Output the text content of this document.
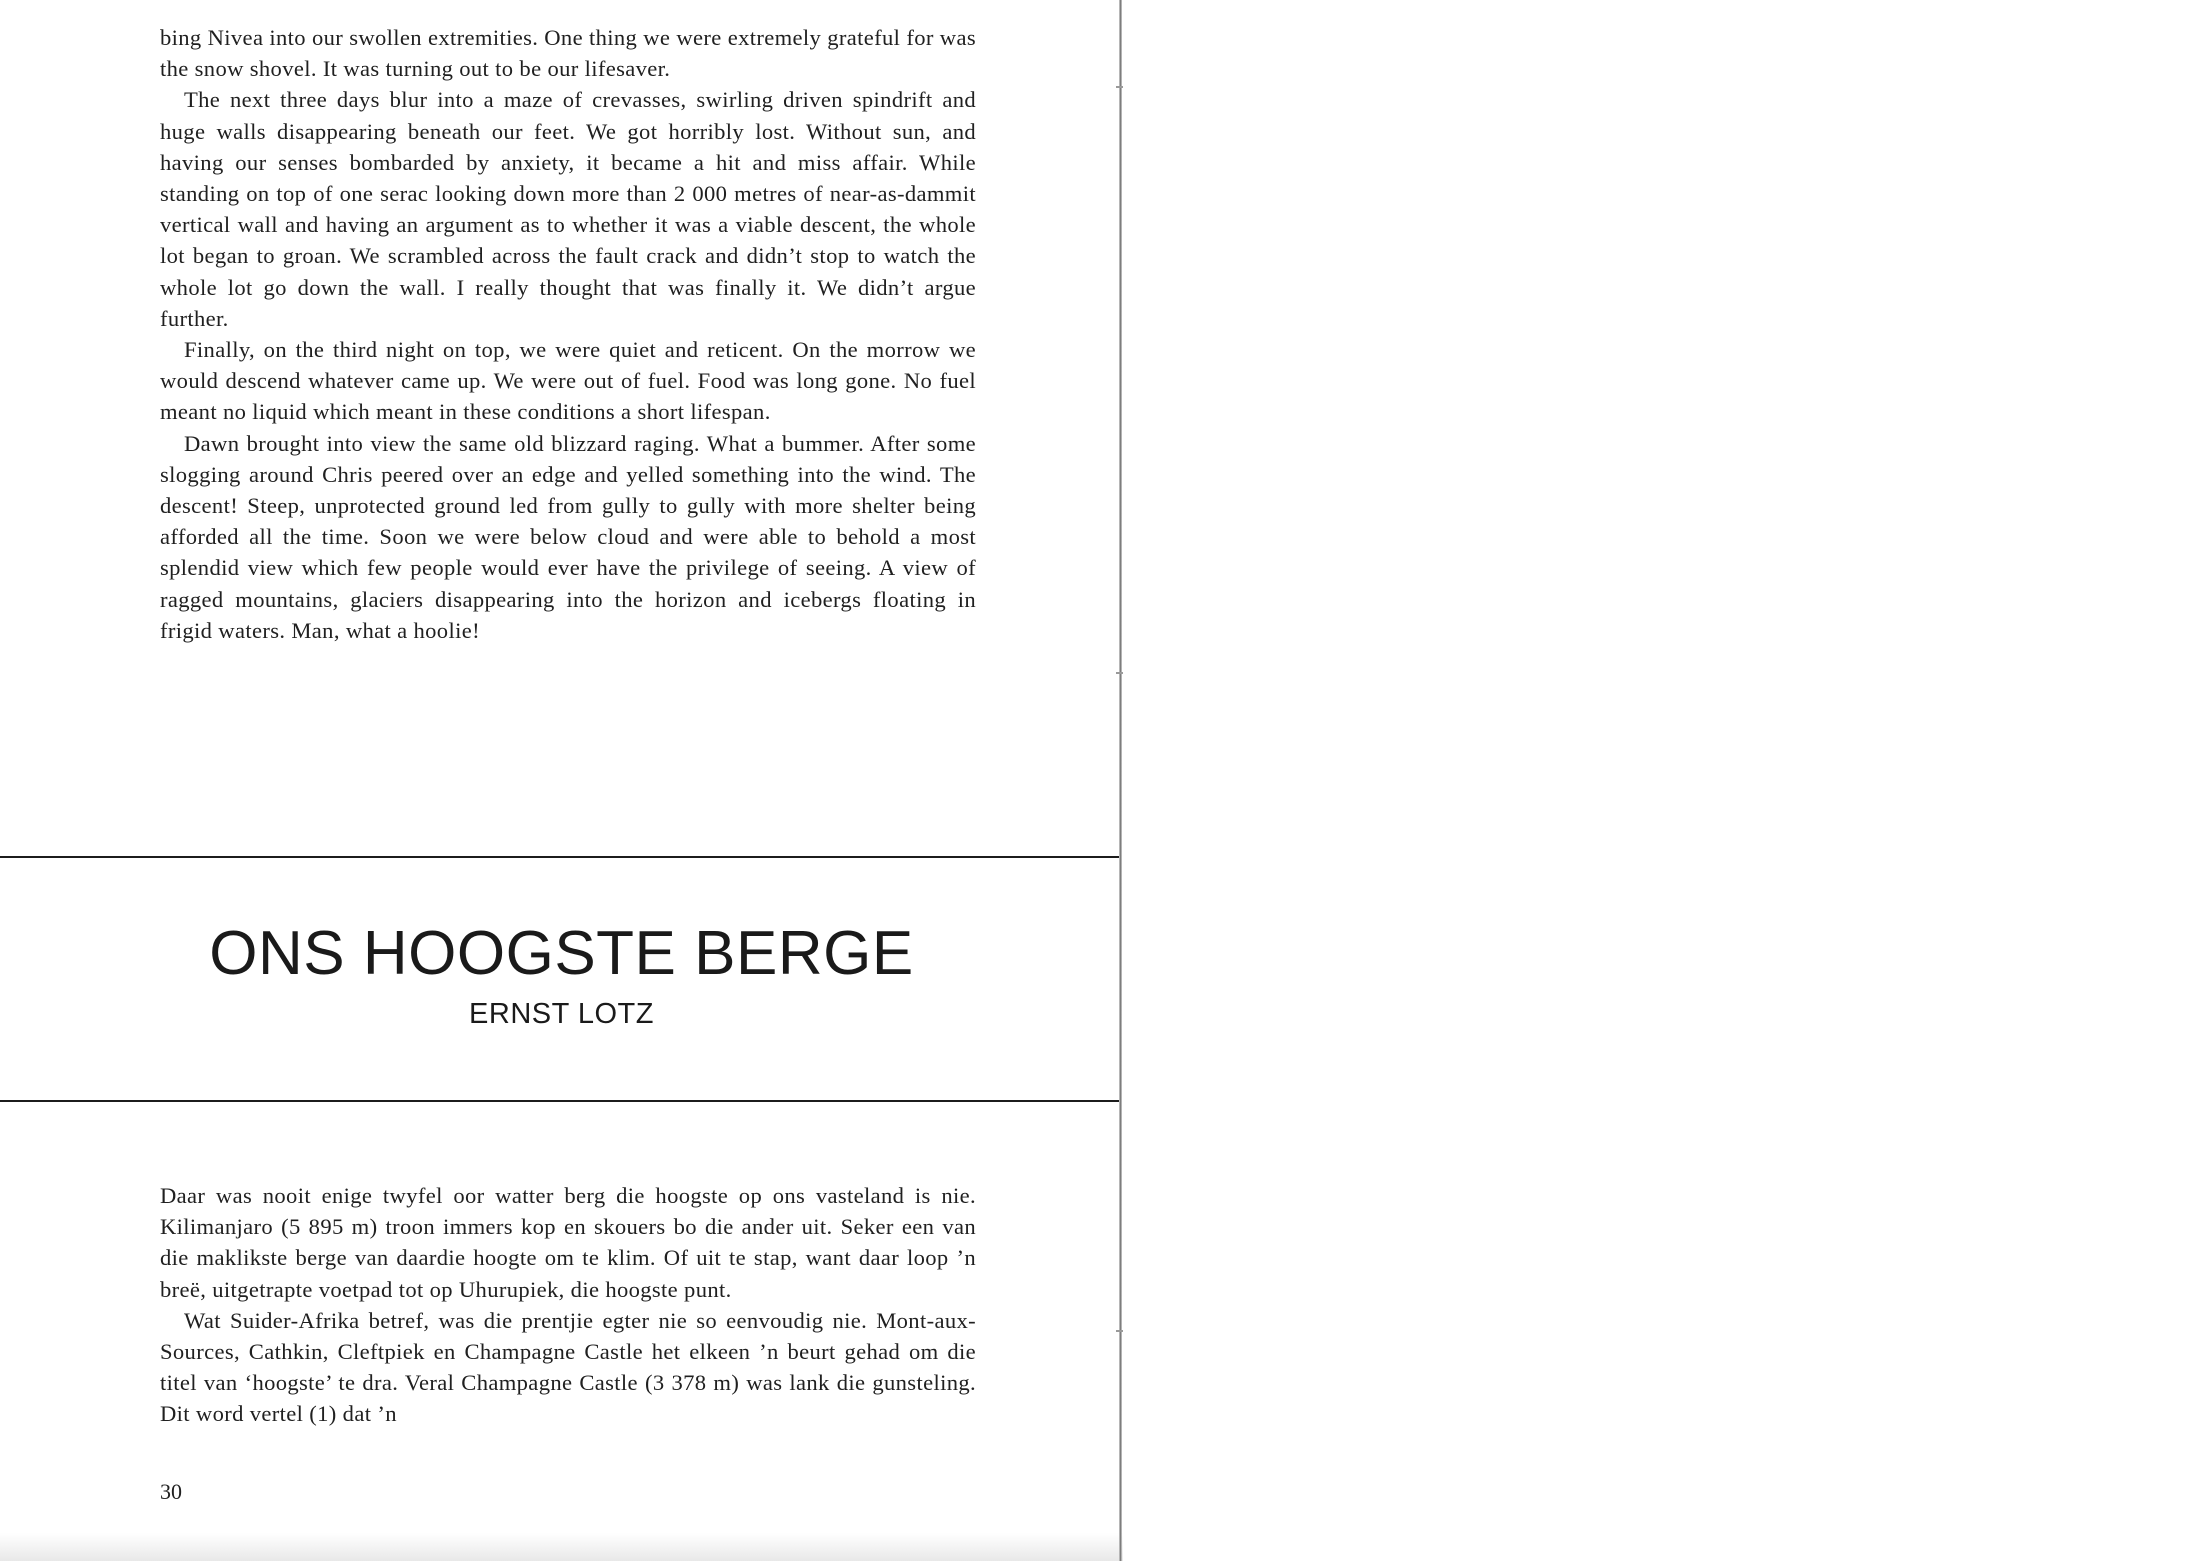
bing Nivea into our swollen extremities. One thing we were extremely grateful for was the snow shovel. It was turning out to be our lifesaver.

The next three days blur into a maze of crevasses, swirling driven spindrift and huge walls disappearing beneath our feet. We got horribly lost. Without sun, and having our senses bombarded by anxiety, it became a hit and miss affair. While standing on top of one serac looking down more than 2 000 metres of near-as-dammit vertical wall and having an argument as to whether it was a viable descent, the whole lot began to groan. We scrambled across the fault crack and didn’t stop to watch the whole lot go down the wall. I really thought that was finally it. We didn’t argue further.

Finally, on the third night on top, we were quiet and reticent. On the morrow we would descend whatever came up. We were out of fuel. Food was long gone. No fuel meant no liquid which meant in these conditions a short lifespan.

Dawn brought into view the same old blizzard raging. What a bummer. After some slogging around Chris peered over an edge and yelled something into the wind. The descent! Steep, unprotected ground led from gully to gully with more shelter being afforded all the time. Soon we were below cloud and were able to behold a most splendid view which few people would ever have the privilege of seeing. A view of ragged mountains, glaciers disappearing into the horizon and icebergs floating in frigid waters. Man, what a hoolie!

ONS HOOGSTE BERGE
ERNST LOTZ

Daar was nooit enige twyfel oor watter berg die hoogste op ons vasteland is nie. Kilimanjaro (5 895 m) troon immers kop en skouers bo die ander uit. Seker een van die maklikste berge van daardie hoogte om te klim. Of uit te stap, want daar loop ’n breë, uitgetrapte voetpad tot op Uhurupiek, die hoogste punt.

Wat Suider-Afrika betref, was die prentjie egter nie so eenvoudig nie. Mont-aux-Sources, Cathkin, Cleftpiek en Champagne Castle het elkeen ’n beurt gehad om die titel van ‘hoogste’ te dra. Veral Champagne Castle (3 378 m) was lank die gunsteling. Dit word vertel (1) dat ’n

30
